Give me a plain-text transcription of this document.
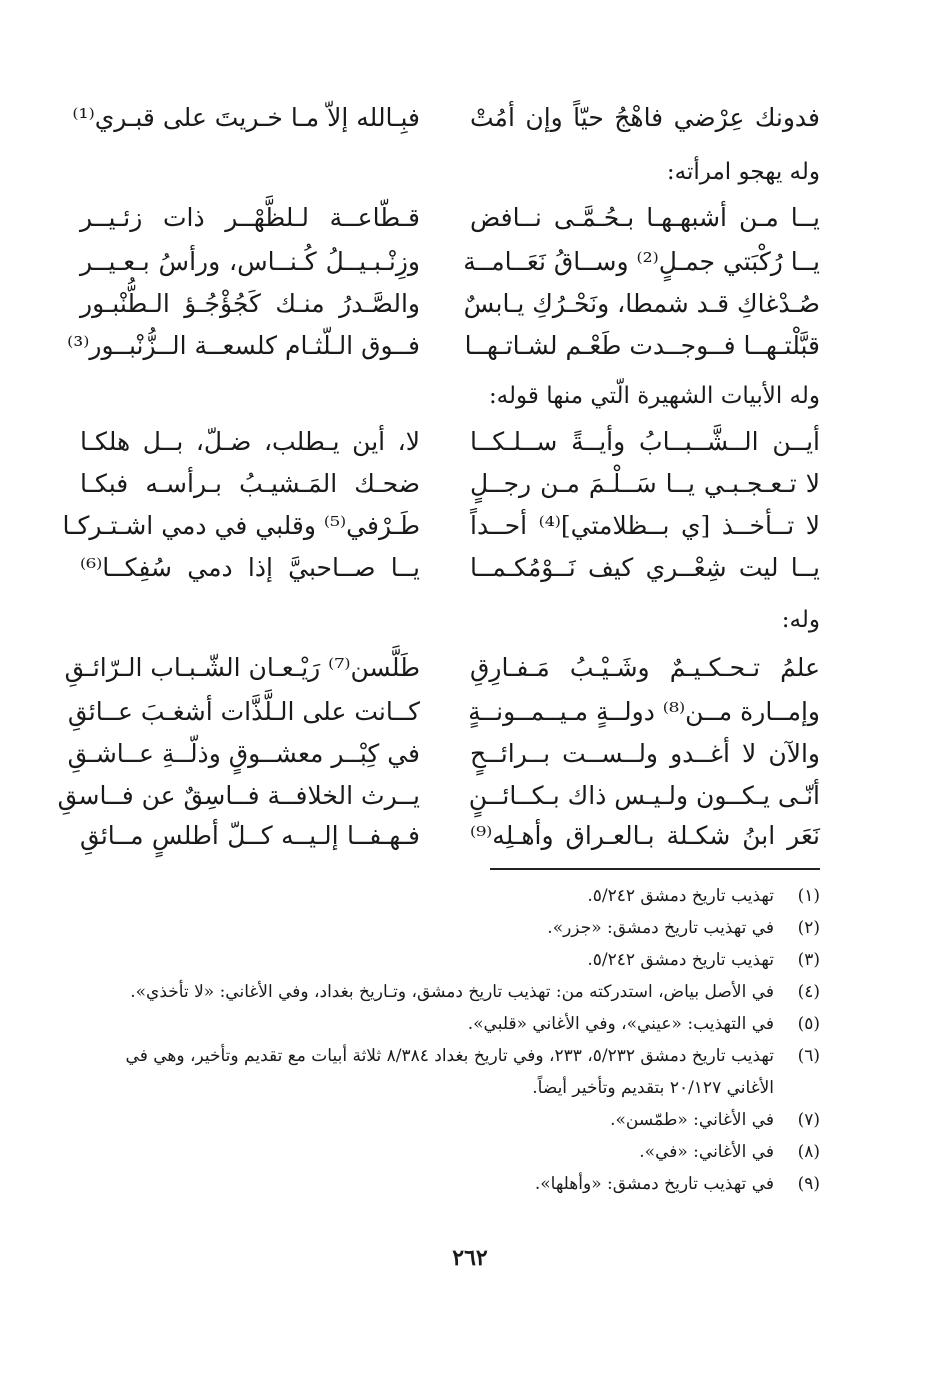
فدونك عِرْضي فاهْجُ حيّاً وإن أمُتْ
فبِـالله إلاّ مـا خـريتَ على قبـري⁽¹⁾
وله يهجو امرأته:
يــا مـن أشبهـهـا بـحُـمَّـى نــافض
قـطّاعــة لـلظَّهْــر ذات زئـيــر
يــا رُكْبَتي جمـلٍ⁽²⁾ وســاقُ نَعَــامــة
وزِنْـبـيــلُ كُـنــاس، ورأسُ بـعـيــر
صُـدْغاكِ قـد شمطا، ونَحْـرُكِ يـابسٌ
والصَّـدرُ منـك كَجُؤْجُـؤ الـطُّنْبـور
قبَّلْتـهــا فــوجــدت طَعْـم لشـاتـهــا
فــوق الـلّثـام كلسعــة الــزُّنْبــور⁽³⁾
وله الأبيات الشهيرة الّتي منها قوله:
أيــن الــشَّــبــابُ وأيــةً ســلـكــا
لا، أين يـطلب، ضـلّ، بــل هلكـا
لا تـعـجـبـي يــا سَــلْـمَ مـن رجــلٍ
ضحـك المَـشيـبُ بـرأسـه فبكـا
لا تــأخــذ [ي بــظلامتي]⁽⁴⁾ أحــداً
طَـرْفي⁽⁵⁾ وقلبي في دمي اشـتـركـا
يــا ليت شِعْــري كيف نَــوْمُكـمــا
يــا صــاحبيَّ إذا دمي سُفِكــا⁽⁶⁾
وله:
علمُ تـحـكـيـمٌ وشَـيْـبُ مَـفـارِقِ
طَلَّسن⁽⁷⁾ رَيْـعـان الشّـبـاب الـرّائـقِ
وإمــارة مــن⁽⁸⁾ دولــةٍ مـيــمــونــةٍ
كــانت على الـلَّذَّات أشغـبَ عــائقِ
والآن لا أغــدو ولــســت بــرائــحٍ
في كِبْــر معشــوقٍ وذلّــةِ عــاشـقِ
أنّـى يـكــون ولـيـس ذاك بـكــائــنٍ
يــرث الخلافــة فــاسِقٌ عن فــاسقِ
نَعَر ابنُ شكـلة بـالعـراق وأهـلِه⁽⁹⁾
فـهـفــا إلـيــه كــلّ أطلسٍ مــائقِ
(١)
تهذيب تاريخ دمشق ٥/٢٤٢.
(٢)
في تهذيب تاريخ دمشق: «جزر».
(٣)
تهذيب تاريخ دمشق ٥/٢٤٢.
(٤)
في الأصل بياض، استدركته من: تهذيب تاريخ دمشق، وتـاريخ بغداد، وفي الأغاني: «لا تأخذي».
(٥)
في التهذيب: «عيني»، وفي الأغاني «قلبي».
(٦)
تهذيب تاريخ دمشق ٥/٢٣٢، ٢٣٣، وفي تاريخ بغداد ٨/٣٨٤ ثلاثة أبيات مع تقديم وتأخير، وهي في الأغاني ٢٠/١٢٧ بتقديم وتأخير أيضاً.
(٧)
في الأغاني: «طمّسن».
(٨)
في الأغاني: «في».
(٩)
في تهذيب تاريخ دمشق: «وأهلها».
٢٦٢
